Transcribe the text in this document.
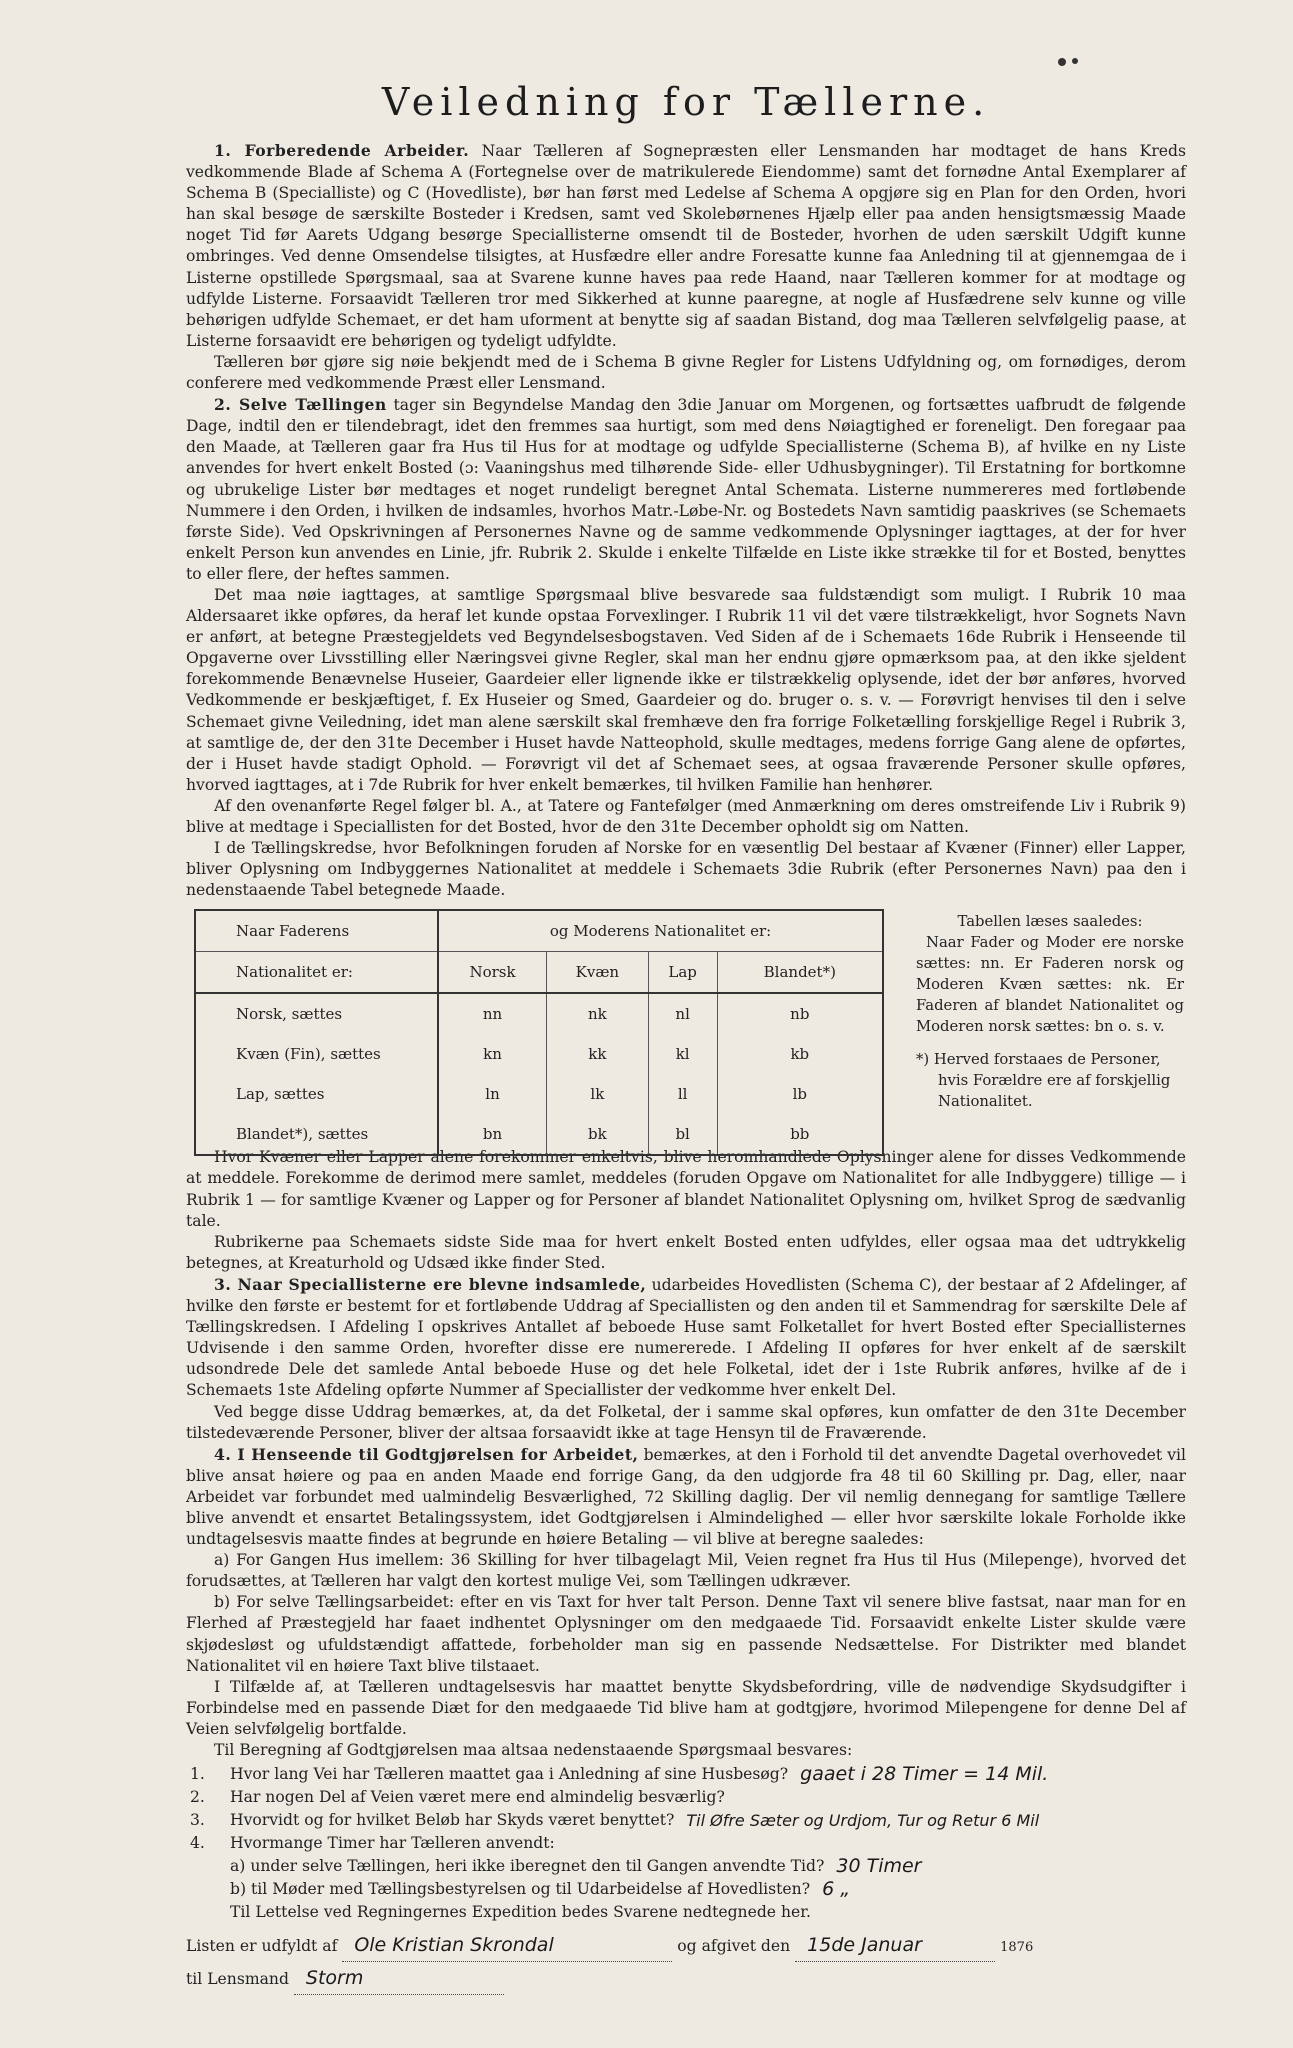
Veiledning for Tællerne.

1. Forberedende Arbeider. Naar Tælleren af Sognepræsten eller Lensmanden har modtaget de hans Kreds vedkommende Blade af Schema A (Fortegnelse over de matrikulerede Eiendomme) samt det fornødne Antal Exemplarer af Schema B (Specialliste) og C (Hovedliste), bør han først med Ledelse af Schema A opgjøre sig en Plan for den Orden, hvori han skal besøge de særskilte Bosteder i Kredsen, samt ved Skolebørnenes Hjælp eller paa anden hensigtsmæssig Maade noget Tid før Aarets Udgang besørge Speciallisterne omsendt til de Bosteder, hvorhen de uden særskilt Udgift kunne ombringes. Ved denne Omsendelse tilsigtes, at Husfædre eller andre Foresatte kunne faa Anledning til at gjennemgaa de i Listerne opstillede Spørgsmaal, saa at Svarene kunne haves paa rede Haand, naar Tælleren kommer for at modtage og udfylde Listerne. Forsaavidt Tælleren tror med Sikkerhed at kunne paaregne, at nogle af Husfædrene selv kunne og ville behørigen udfylde Schemaet, er det ham uforment at benytte sig af saadan Bistand, dog maa Tælleren selvfølgelig paase, at Listerne forsaavidt ere behørigen og tydeligt udfyldte.

Tælleren bør gjøre sig nøie bekjendt med de i Schema B givne Regler for Listens Udfyldning og, om fornødiges, derom conferere med vedkommende Præst eller Lensmand.

2. Selve Tællingen tager sin Begyndelse Mandag den 3die Januar om Morgenen, og fortsættes uafbrudt de følgende Dage, indtil den er tilendebragt, idet den fremmes saa hurtigt, som med dens Nøiagtighed er foreneligt. Den foregaar paa den Maade, at Tælleren gaar fra Hus til Hus for at modtage og udfylde Speciallisterne (Schema B), af hvilke en ny Liste anvendes for hvert enkelt Bosted (ɔ: Vaaningshus med tilhørende Side- eller Udhusbygninger). Til Erstatning for bortkomne og ubrukelige Lister bør medtages et noget rundeligt beregnet Antal Schemata. Listerne nummereres med fortløbende Nummere i den Orden, i hvilken de indsamles, hvorhos Matr.-Løbe-Nr. og Bostedets Navn samtidig paaskrives (se Schemaets første Side). Ved Opskrivningen af Personernes Navne og de samme vedkommende Oplysninger iagttages, at der for hver enkelt Person kun anvendes en Linie, jfr. Rubrik 2. Skulde i enkelte Tilfælde en Liste ikke strække til for et Bosted, benyttes to eller flere, der heftes sammen.

Det maa nøie iagttages, at samtlige Spørgsmaal blive besvarede saa fuldstændigt som muligt. I Rubrik 10 maa Aldersaaret ikke opføres, da heraf let kunde opstaa Forvexlinger. I Rubrik 11 vil det være tilstrækkeligt, hvor Sognets Navn er anført, at betegne Præstegjeldets ved Begyndelsesbogstaven. Ved Siden af de i Schemaets 16de Rubrik i Henseende til Opgaverne over Livsstilling eller Næringsvei givne Regler, skal man her endnu gjøre opmærksom paa, at den ikke sjeldent forekommende Benævnelse Huseier, Gaardeier eller lignende ikke er tilstrækkelig oplysende, idet der bør anføres, hvorved Vedkommende er beskjæftiget, f. Ex Huseier og Smed, Gaardeier og do. bruger o. s. v. — Forøvrigt henvises til den i selve Schemaet givne Veiledning, idet man alene særskilt skal fremhæve den fra forrige Folketælling forskjellige Regel i Rubrik 3, at samtlige de, der den 31te December i Huset havde Natteophold, skulle medtages, medens forrige Gang alene de opførtes, der i Huset havde stadigt Ophold. — Forøvrigt vil det af Schemaet sees, at ogsaa fraværende Personer skulle opføres, hvorved iagttages, at i 7de Rubrik for hver enkelt bemærkes, til hvilken Familie han henhører.

Af den ovenanførte Regel følger bl. A., at Tatere og Fantefølger (med Anmærkning om deres omstreifende Liv i Rubrik 9) blive at medtage i Speciallisten for det Bosted, hvor de den 31te December opholdt sig om Natten.

I de Tællingskredse, hvor Befolkningen foruden af Norske for en væsentlig Del bestaar af Kvæner (Finner) eller Lapper, bliver Oplysning om Indbyggernes Nationalitet at meddele i Schemaets 3die Rubrik (efter Personernes Navn) paa den i nedenstaaende Tabel betegnede Maade.

Naar Faderens	og Moderens Nationalitet er:			
Nationalitet er:	Norsk	Kvæn	Lap	Blandet*)
Norsk, sættes	nn	nk	nl	nb
Kvæn (Fin), sættes	kn	kk	kl	kb
Lap, sættes	ln	lk	ll	lb
Blandet*), sættes	bn	bk	bl	bb
Tabellen læses saaledes:
Naar Fader og Moder ere norske sættes: nn. Er Faderen norsk og Moderen Kvæn sættes: nk. Er Faderen af blandet Nationalitet og Moderen norsk sættes: bn o. s. v.
*) Herved forstaaes de Personer, hvis Forældre ere af forskjellig Nationalitet.

Hvor Kvæner eller Lapper alene forekommer enkeltvis, blive heromhandlede Oplysninger alene for disses Vedkommende at meddele. Forekomme de derimod mere samlet, meddeles (foruden Opgave om Nationalitet for alle Indbyggere) tillige — i Rubrik 1 — for samtlige Kvæner og Lapper og for Personer af blandet Nationalitet Oplysning om, hvilket Sprog de sædvanlig tale.

Rubrikerne paa Schemaets sidste Side maa for hvert enkelt Bosted enten udfyldes, eller ogsaa maa det udtrykkelig betegnes, at Kreaturhold og Udsæd ikke finder Sted.

3. Naar Speciallisterne ere blevne indsamlede, udarbeides Hovedlisten (Schema C), der bestaar af 2 Afdelinger, af hvilke den første er bestemt for et fortløbende Uddrag af Speciallisten og den anden til et Sammendrag for særskilte Dele af Tællingskredsen. I Afdeling I opskrives Antallet af beboede Huse samt Folketallet for hvert Bosted efter Speciallisternes Udvisende i den samme Orden, hvorefter disse ere numererede. I Afdeling II opføres for hver enkelt af de særskilt udsondrede Dele det samlede Antal beboede Huse og det hele Folketal, idet der i 1ste Rubrik anføres, hvilke af de i Schemaets 1ste Afdeling opførte Nummer af Speciallister der vedkomme hver enkelt Del.

Ved begge disse Uddrag bemærkes, at, da det Folketal, der i samme skal opføres, kun omfatter de den 31te December tilstedeværende Personer, bliver der altsaa forsaavidt ikke at tage Hensyn til de Fraværende.

4. I Henseende til Godtgjørelsen for Arbeidet, bemærkes, at den i Forhold til det anvendte Dagetal overhovedet vil blive ansat høiere og paa en anden Maade end forrige Gang, da den udgjorde fra 48 til 60 Skilling pr. Dag, eller, naar Arbeidet var forbundet med ualmindelig Besværlighed, 72 Skilling daglig. Der vil nemlig dennegang for samtlige Tællere blive anvendt et ensartet Betalingssystem, idet Godtgjørelsen i Almindelighed — eller hvor særskilte lokale Forholde ikke undtagelsesvis maatte findes at begrunde en høiere Betaling — vil blive at beregne saaledes:

a) For Gangen Hus imellem: 36 Skilling for hver tilbagelagt Mil, Veien regnet fra Hus til Hus (Milepenge), hvorved det forudsættes, at Tælleren har valgt den kortest mulige Vei, som Tællingen udkræver.

b) For selve Tællingsarbeidet: efter en vis Taxt for hver talt Person. Denne Taxt vil senere blive fastsat, naar man for en Flerhed af Præstegjeld har faaet indhentet Oplysninger om den medgaaede Tid. Forsaavidt enkelte Lister skulde være skjødesløst og ufuldstændigt affattede, forbeholder man sig en passende Nedsættelse. For Distrikter med blandet Nationalitet vil en høiere Taxt blive tilstaaet.

I Tilfælde af, at Tælleren undtagelsesvis har maattet benytte Skydsbefordring, ville de nødvendige Skydsudgifter i Forbindelse med en passende Diæt for den medgaaede Tid blive ham at godtgjøre, hvorimod Milepengene for denne Del af Veien selvfølgelig bortfalde.

Til Beregning af Godtgjørelsen maa altsaa nedenstaaende Spørgsmaal besvares:

1.	Hvor lang Vei har Tælleren maattet gaa i Anledning af sine Husbesøg? gaaet i 28 Timer = 14 Mil.
2.	Har nogen Del af Veien været mere end almindelig besværlig?
3.	Hvorvidt og for hvilket Beløb har Skyds været benyttet? Til Øfre Sæter og Urdjom, Tur og Retur 6 Mil
4.	Hvormange Timer har Tælleren anvendt:
a) under selve Tællingen, heri ikke iberegnet den til Gangen anvendte Tid? 30 Timer
b) til Møder med Tællingsbestyrelsen og til Udarbeidelse af Hovedlisten? 6 „
Til Lettelse ved Regningernes Expedition bedes Svarene nedtegnede her.
Listen er udfyldt af Ole Kristian Skrondal	og afgivet den 15de Januar	1876
til Lensmand Storm
